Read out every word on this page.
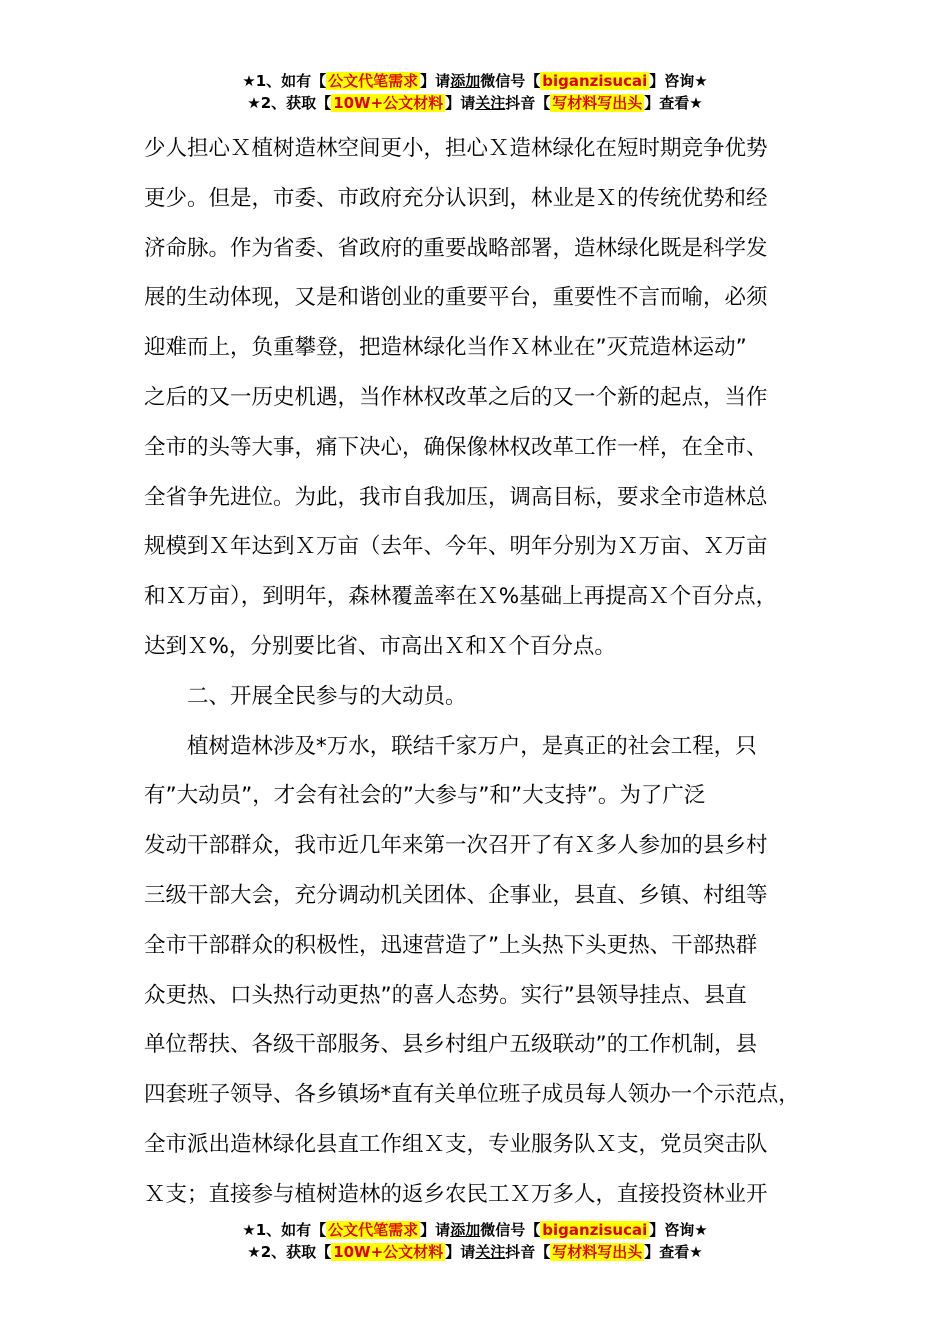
★1、如有【 公文代笔需求 】请添加微信号【 biganzisucai 】咨询★
★2、获取【 10W+公文材料 】请关注抖音【 写材料写出头 】查看★

少人担心Ｘ植树造林空间更小，担心Ｘ造林绿化在短时期竞争优势

更少。但是，市委、市政府充分认识到，林业是Ｘ的传统优势和经

济命脉。作为省委、省政府的重要战略部署，造林绿化既是科学发

展的生动体现，又是和谐创业的重要平台，重要性不言而喻，必须

迎难而上，负重攀登，把造林绿化当作Ｘ林业在”灭荒造林运动”

之后的又一历史机遇，当作林权改革之后的又一个新的起点，当作

全市的头等大事，痛下决心，确保像林权改革工作一样，在全市、

全省争先进位。为此，我市自我加压，调高目标，要求全市造林总

规模到Ｘ年达到Ｘ万亩（去年、今年、明年分别为Ｘ万亩、Ｘ万亩

和Ｘ万亩），到明年，森林覆盖率在Ｘ%基础上再提高Ｘ个百分点，

达到Ｘ%，分别要比省、市高出Ｘ和Ｘ个百分点。

二、开展全民参与的大动员。

植树造林涉及*万水，联结千家万户，是真正的社会工程，只

有”大动员”，才会有社会的”大参与”和”大支持”。为了广泛

发动干部群众，我市近几年来第一次召开了有Ｘ多人参加的县乡村

三级干部大会，充分调动机关团体、企事业，县直、乡镇、村组等

全市干部群众的积极性，迅速营造了”上头热下头更热、干部热群

众更热、口头热行动更热”的喜人态势。实行”县领导挂点、县直

单位帮扶、各级干部服务、县乡村组户五级联动”的工作机制，县

四套班子领导、各乡镇场*直有关单位班子成员每人领办一个示范点，

全市派出造林绿化县直工作组Ｘ支，专业服务队Ｘ支，党员突击队

Ｘ支；直接参与植树造林的返乡农民工Ｘ万多人，直接投资林业开

★1、如有【 公文代笔需求 】请添加微信号【 biganzisucai 】咨询★
★2、获取【 10W+公文材料 】请关注抖音【 写材料写出头 】查看★
